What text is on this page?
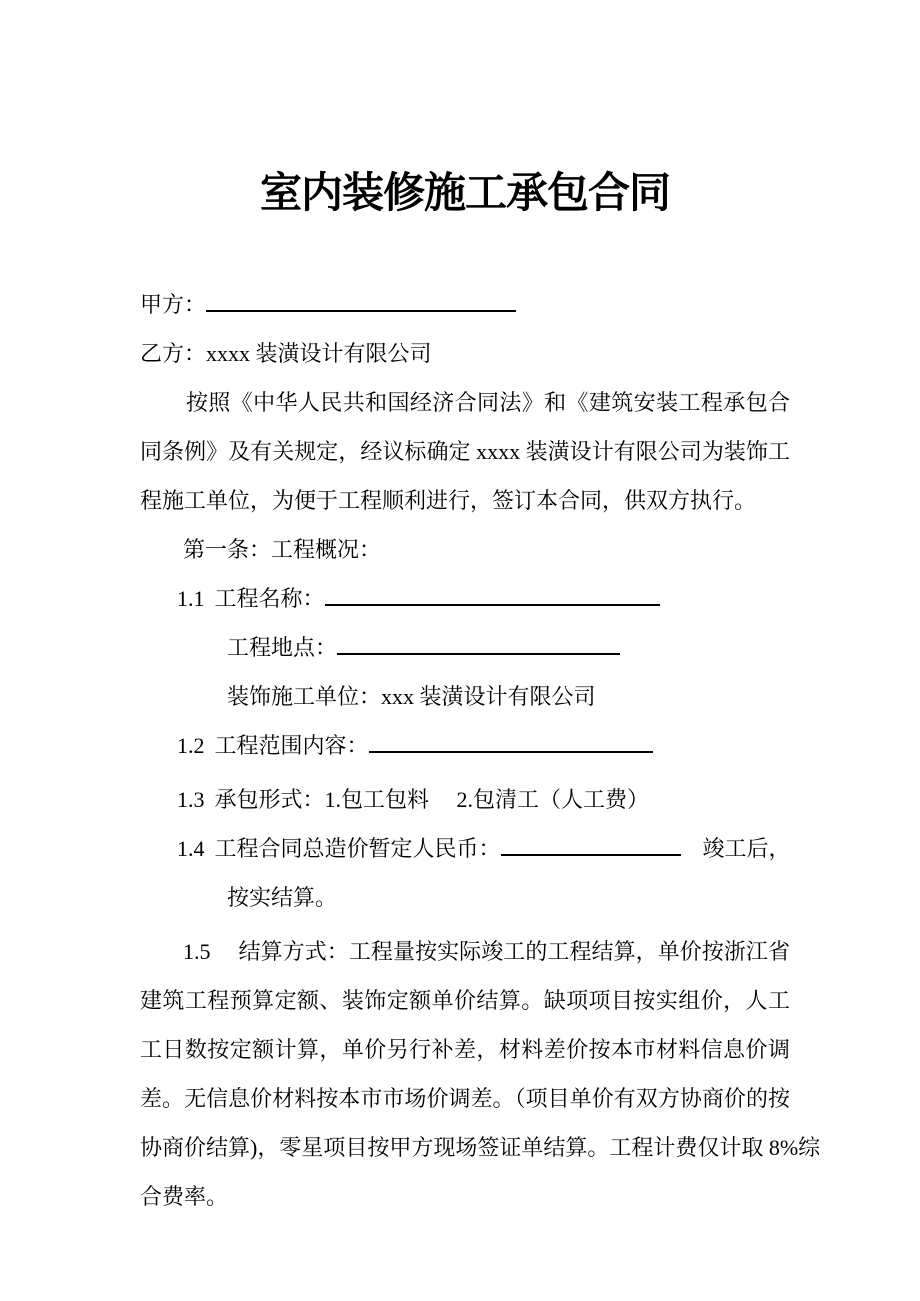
室内装修施工承包合同
甲方：
乙方：xxxx 装潢设计有限公司
按照《中华人民共和国经济合同法》和《建筑安装工程承包合
同条例》及有关规定，经议标确定 xxxx 装潢设计有限公司为装饰工
程施工单位，为便于工程顺利进行，签订本合同，供双方执行。
第一条：工程概况：
1.1 工程名称：
工程地点：
装饰施工单位：xxx 装潢设计有限公司
1.2 工程范围内容：
1.3 承包形式：1.包工包料　 2.包清工（人工费）
1.4 工程合同总造价暂定人民币：	竣工后，
按实结算。
1.5 结算方式：工程量按实际竣工的工程结算，单价按浙江省
建筑工程预算定额、装饰定额单价结算。缺项项目按实组价，人工
工日数按定额计算，单价另行补差，材料差价按本市材料信息价调
差。无信息价材料按本市市场价调差。（项目单价有双方协商价的按
协商价结算)，零星项目按甲方现场签证单结算。工程计费仅计取 8%综
合费率。
